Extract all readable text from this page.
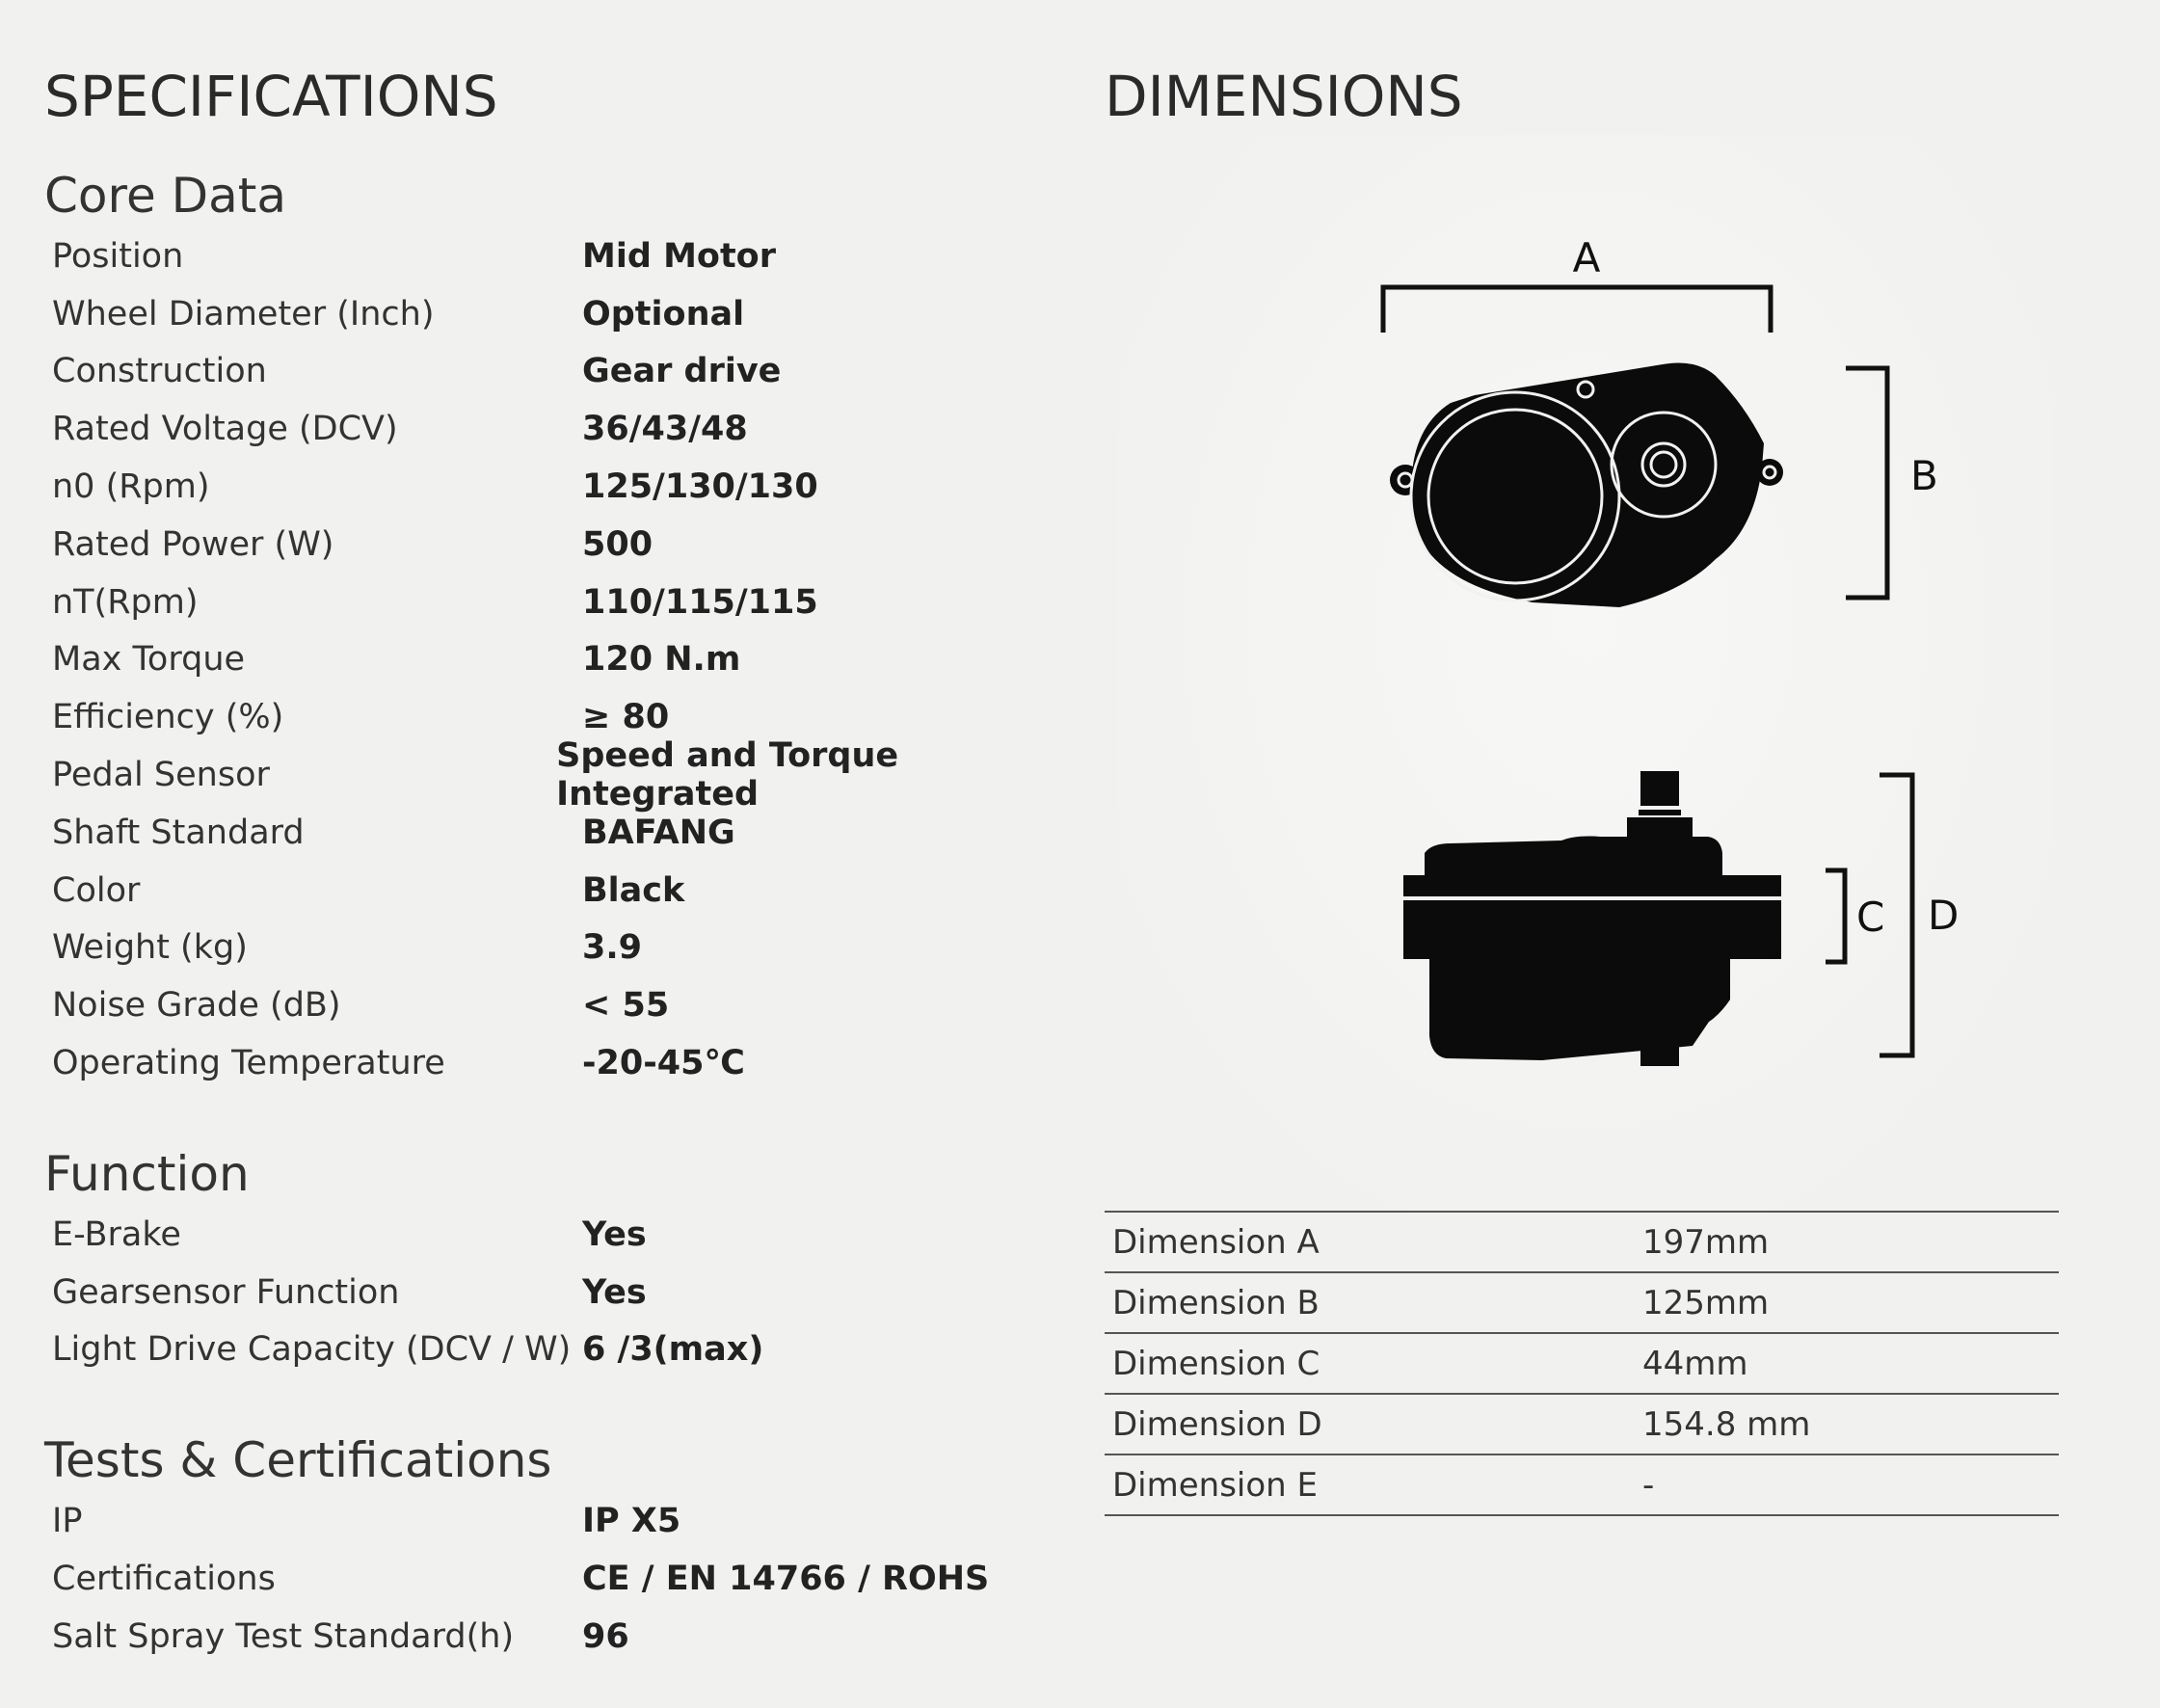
SPECIFICATIONS	DIMENSIONS
Core Data
Position	Mid Motor
Wheel Diameter (Inch)	Optional
Construction	Gear drive
Rated Voltage (DCV)	36/43/48
n0 (Rpm)	125/130/130
Rated Power (W)	500
nT(Rpm)	110/115/115
Max Torque	120 N.m
Efficiency (%)	≥ 80
Pedal Sensor	Speed and Torque Integrated
Shaft Standard	BAFANG
Color	Black
Weight (kg)	3.9
Noise Grade (dB)	< 55
Operating Temperature	-20-45℃
Function
E-Brake	Yes
Gearsensor Function	Yes
Light Drive Capacity (DCV / W) 6 /3(max)
Tests & Certifications
IP	IP X5
Certifications	CE / EN 14766 / ROHS
Salt Spray Test Standard(h)	96
A
B
C D
Dimension A	197mm
Dimension B	125mm
Dimension C	44mm
Dimension D	154.8 mm
Dimension E	-
